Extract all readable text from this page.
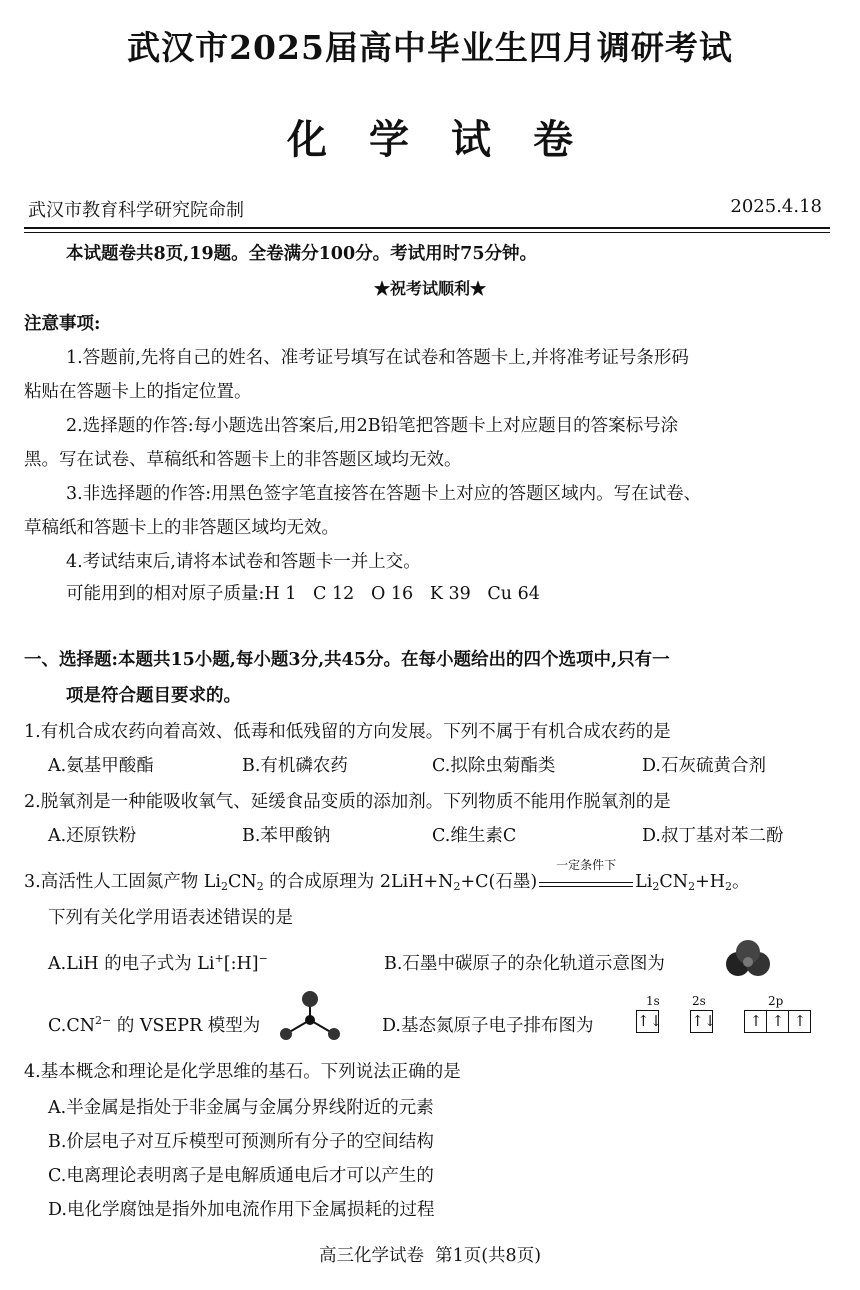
武汉市2025届高中毕业生四月调研考试
化学试卷
武汉市教育科学研究院命制	2025.4.18
本试题卷共8页,19题。全卷满分100分。考试用时75分钟。
★祝考试顺利★
注意事项:
1.答题前,先将自己的姓名、准考证号填写在试卷和答题卡上,并将准考证号条形码
粘贴在答题卡上的指定位置。
2.选择题的作答:每小题选出答案后,用2B铅笔把答题卡上对应题目的答案标号涂
黑。写在试卷、草稿纸和答题卡上的非答题区域均无效。
3.非选择题的作答:用黑色签字笔直接答在答题卡上对应的答题区域内。写在试卷、
草稿纸和答题卡上的非答题区域均无效。
4.考试结束后,请将本试卷和答题卡一并上交。
可能用到的相对原子质量:H 1   C 12   O 16   K 39   Cu 64
一、选择题:本题共15小题,每小题3分,共45分。在每小题给出的四个选项中,只有一
项是符合题目要求的。
1.有机合成农药向着高效、低毒和低残留的方向发展。下列不属于有机合成农药的是
A.氨基甲酸酯	B.有机磷农药	C.拟除虫菊酯类	D.石灰硫黄合剂
2.脱氧剂是一种能吸收氧气、延缓食品变质的添加剂。下列物质不能用作脱氧剂的是
A.还原铁粉	B.苯甲酸钠	C.维生素C	D.叔丁基对苯二酚
3.高活性人工固氮产物 $Li_2CN_2$ 的合成原理为 $2LiH+N_2+C$(石墨)
一定条件下
$Li_2CN_2+H_2$。
下列有关化学用语表述错误的是
A.LiH 的电子式为 Li+[:H]−	B.石墨中碳原子的杂化轨道示意图为
$C.CN^{2-}$ 的 VSEPR 模型为	D.基态氮原子电子排布图为
1s	2s	2p
↑↓ ↑↓ ↑ ↑ ↑
4.基本概念和理论是化学思维的基石。下列说法正确的是
A.半金属是指处于非金属与金属分界线附近的元素
B.价层电子对互斥模型可预测所有分子的空间结构
C.电离理论表明离子是电解质通电后才可以产生的
D.电化学腐蚀是指外加电流作用下金属损耗的过程
高三化学试卷  第1页(共8页)
